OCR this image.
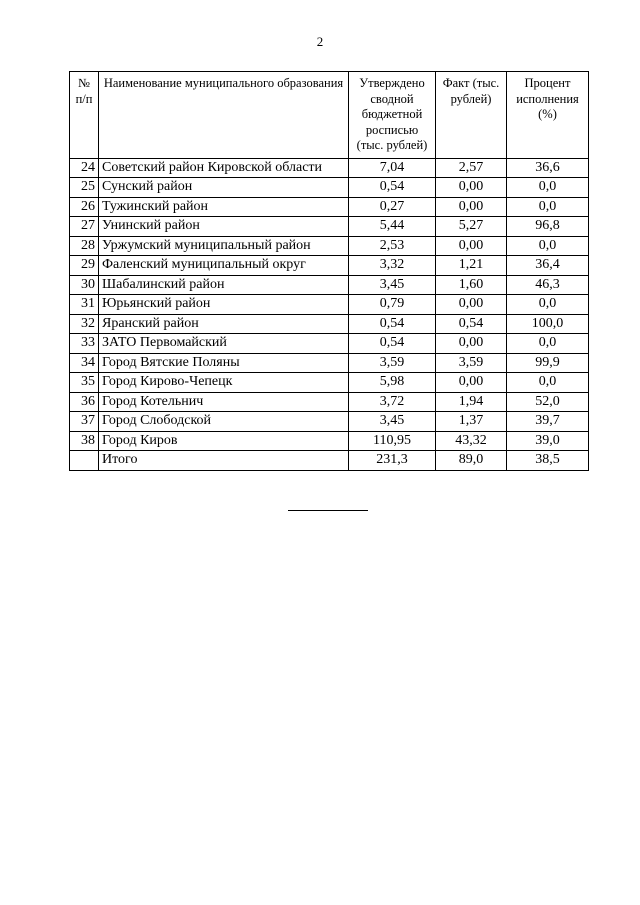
2
№ п/п	Наименование муниципального образования	Утверждено сводной бюджетной росписью (тыс. рублей)	Факт (тыс. рублей)	Процент исполнения (%)
24	Советский район Кировской области	7,04	2,57	36,6
25	Сунский район	0,54	0,00	0,0
26	Тужинский район	0,27	0,00	0,0
27	Унинский район	5,44	5,27	96,8
28	Уржумский муниципальный район	2,53	0,00	0,0
29	Фаленский муниципальный округ	3,32	1,21	36,4
30	Шабалинский район	3,45	1,60	46,3
31	Юрьянский район	0,79	0,00	0,0
32	Яранский район	0,54	0,54	100,0
33	ЗАТО Первомайский	0,54	0,00	0,0
34	Город Вятские Поляны	3,59	3,59	99,9
35	Город Кирово-Чепецк	5,98	0,00	0,0
36	Город Котельнич	3,72	1,94	52,0
37	Город Слободской	3,45	1,37	39,7
38	Город Киров	110,95	43,32	39,0
	Итого	231,3	89,0	38,5
